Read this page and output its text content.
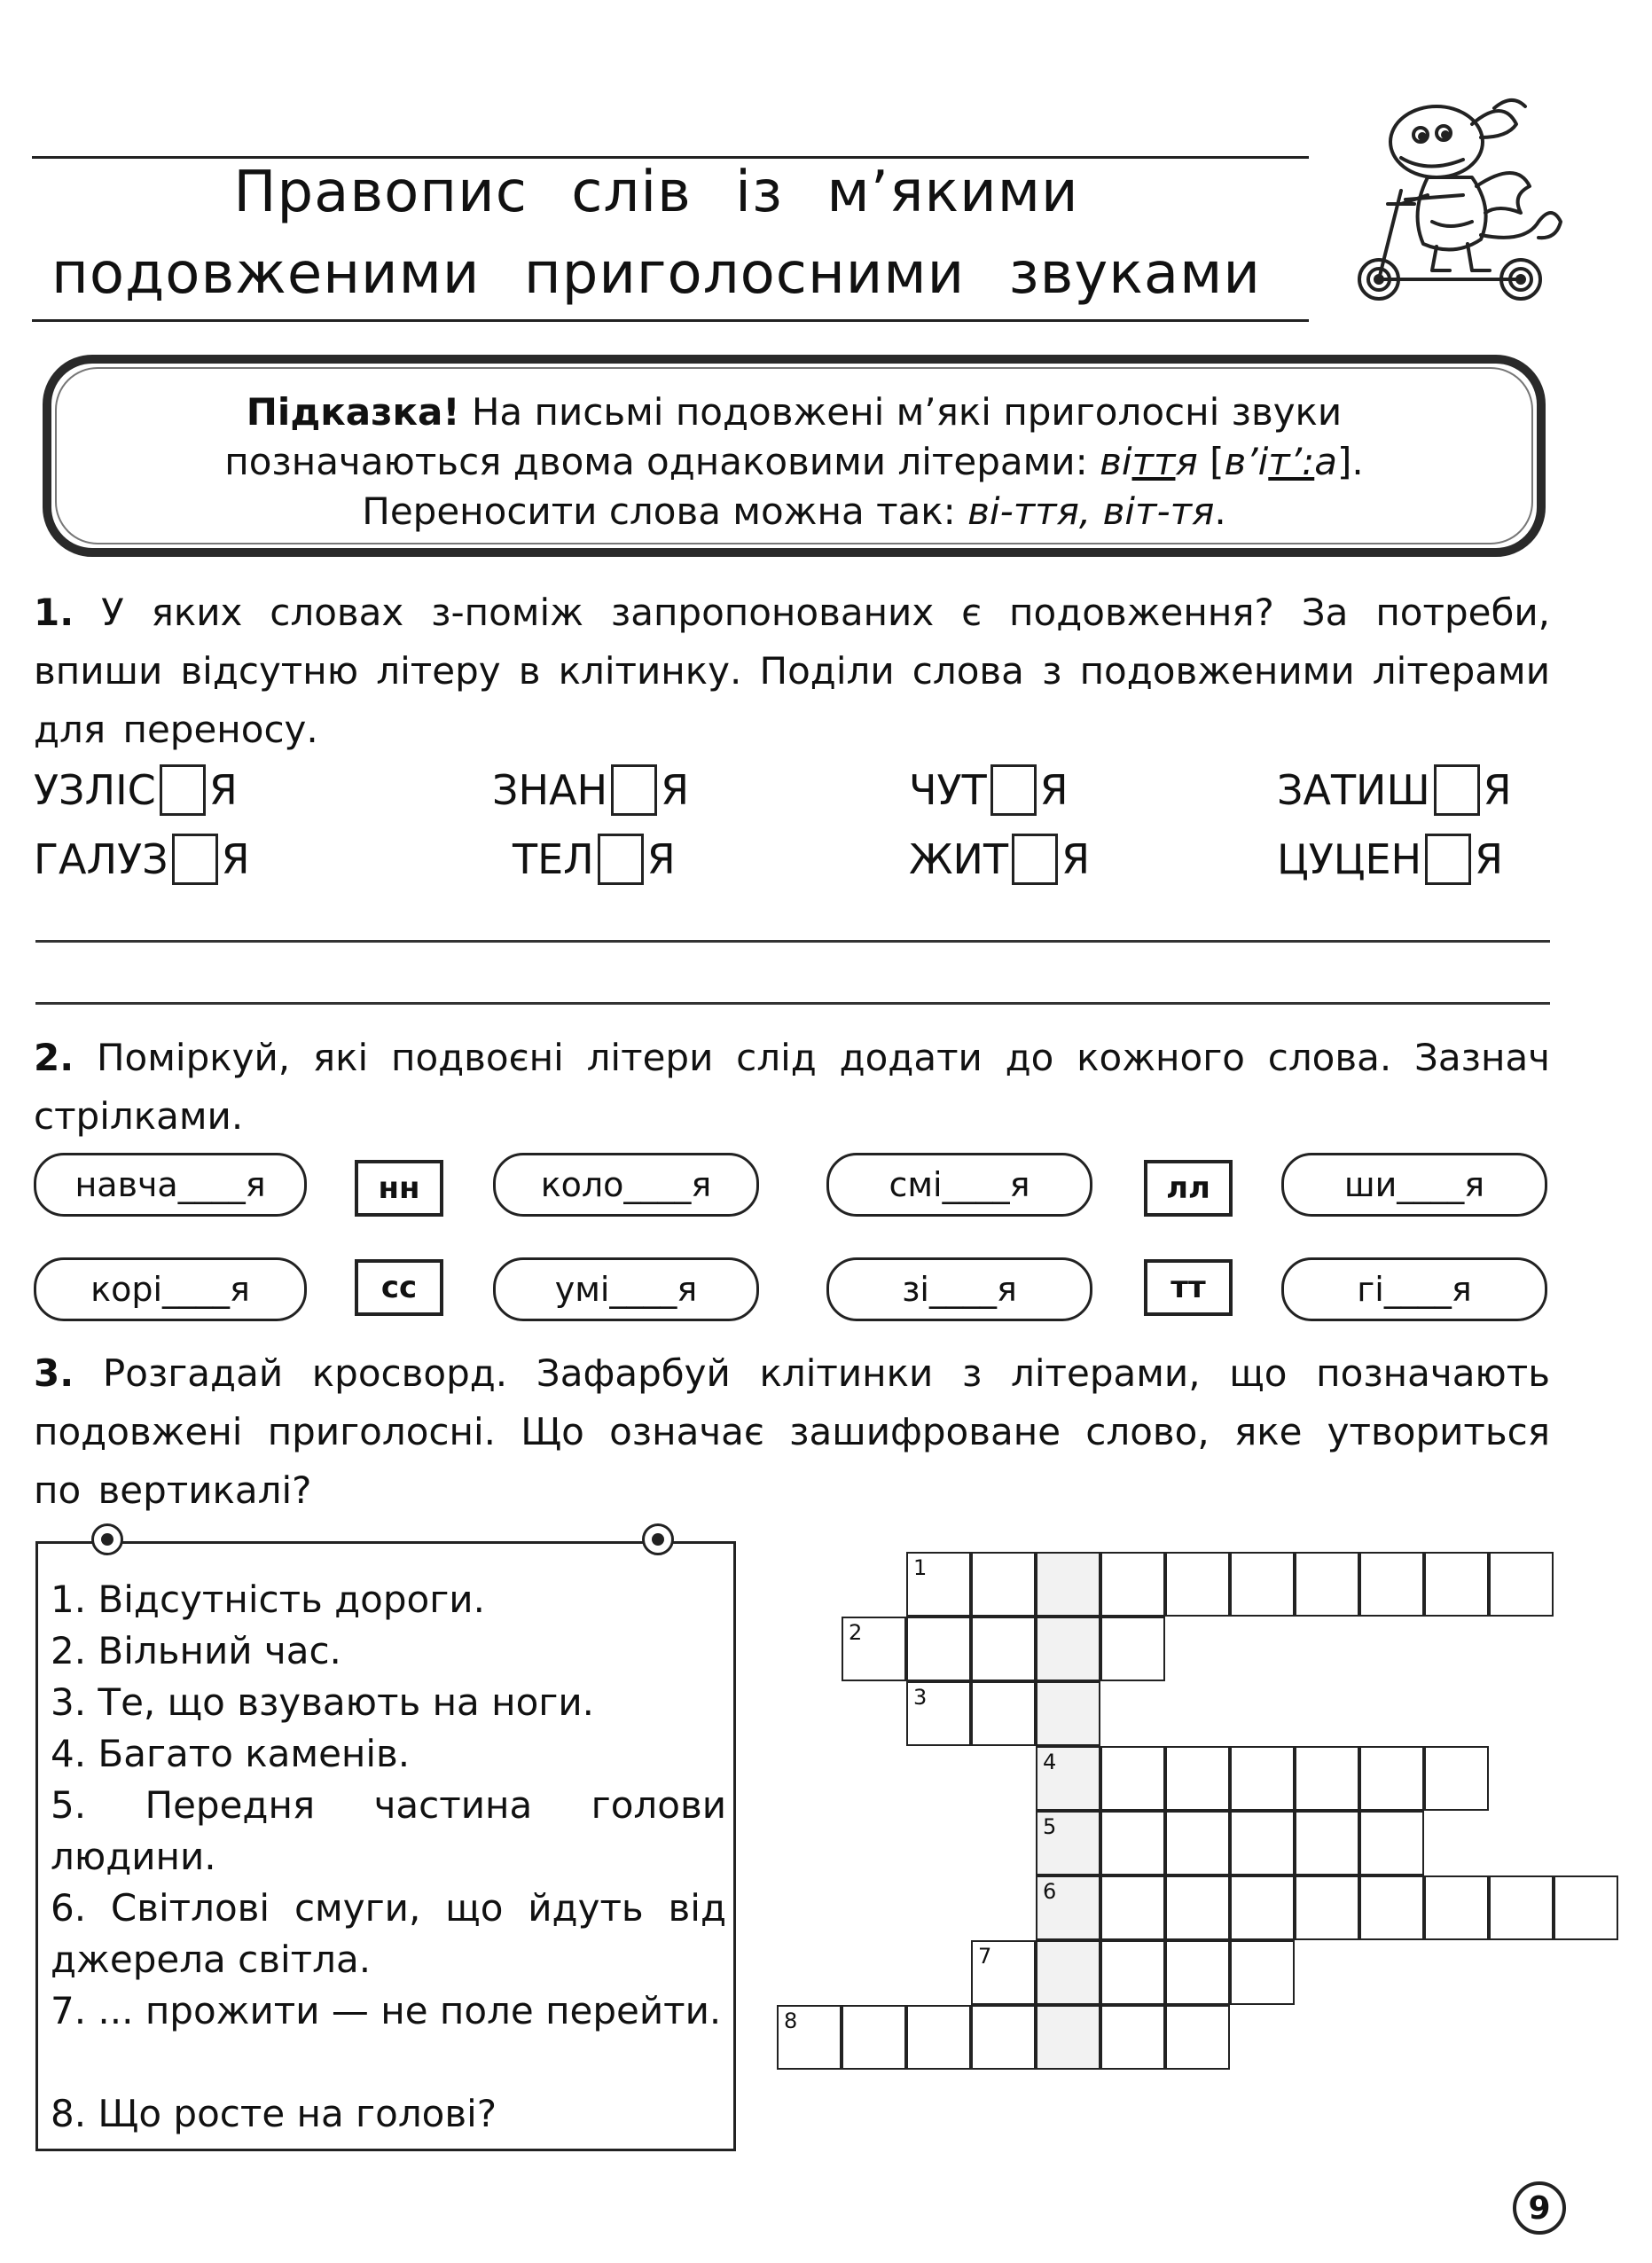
Правопис слів із м’якими
подовженими приголосними звуками
Підказка! На письмі подовжені м’які приголосні звуки
позначаються двома однаковими літерами: віття [в’іт’:а].
Переносити слова можна так: ві-ття, віт-тя.
1. У яких словах з-поміж запропонованих є подовження? За потреби, впиши відсутню літеру в клітинку. Поділи слова з подовженими літерами для переносу.
УЗЛІС Я	ЗНАН Я	ЧУТ Я	ЗАТИШ Я
ГАЛУЗ Я	ТЕЛ Я	ЖИТ Я	ЦУЦЕН Я
2. Поміркуй, які подвоєні літери слід додати до кожного слова. Зазнач стрілками.
навча____я	нн	коло____я	смі____я	лл	ши____я
корі____я	сс	умі____я	зі____я	тт	гі____я
3. Розгадай кросворд. Зафарбуй клітинки з літерами, що позначають подовжені приголосні. Що означає зашифроване слово, яке утвориться по вертикалі?
1. Відсутність дороги.
2. Вільний час.
3. Те, що взувають на ноги.
4. Багато каменів.
5. Передня частина голови людини.
6. Світлові смуги, що йдуть від джерела світла.
7. ... прожити — не поле перейти.
8. Що росте на голові?
1
2
3
4
5
6
7
8
9
